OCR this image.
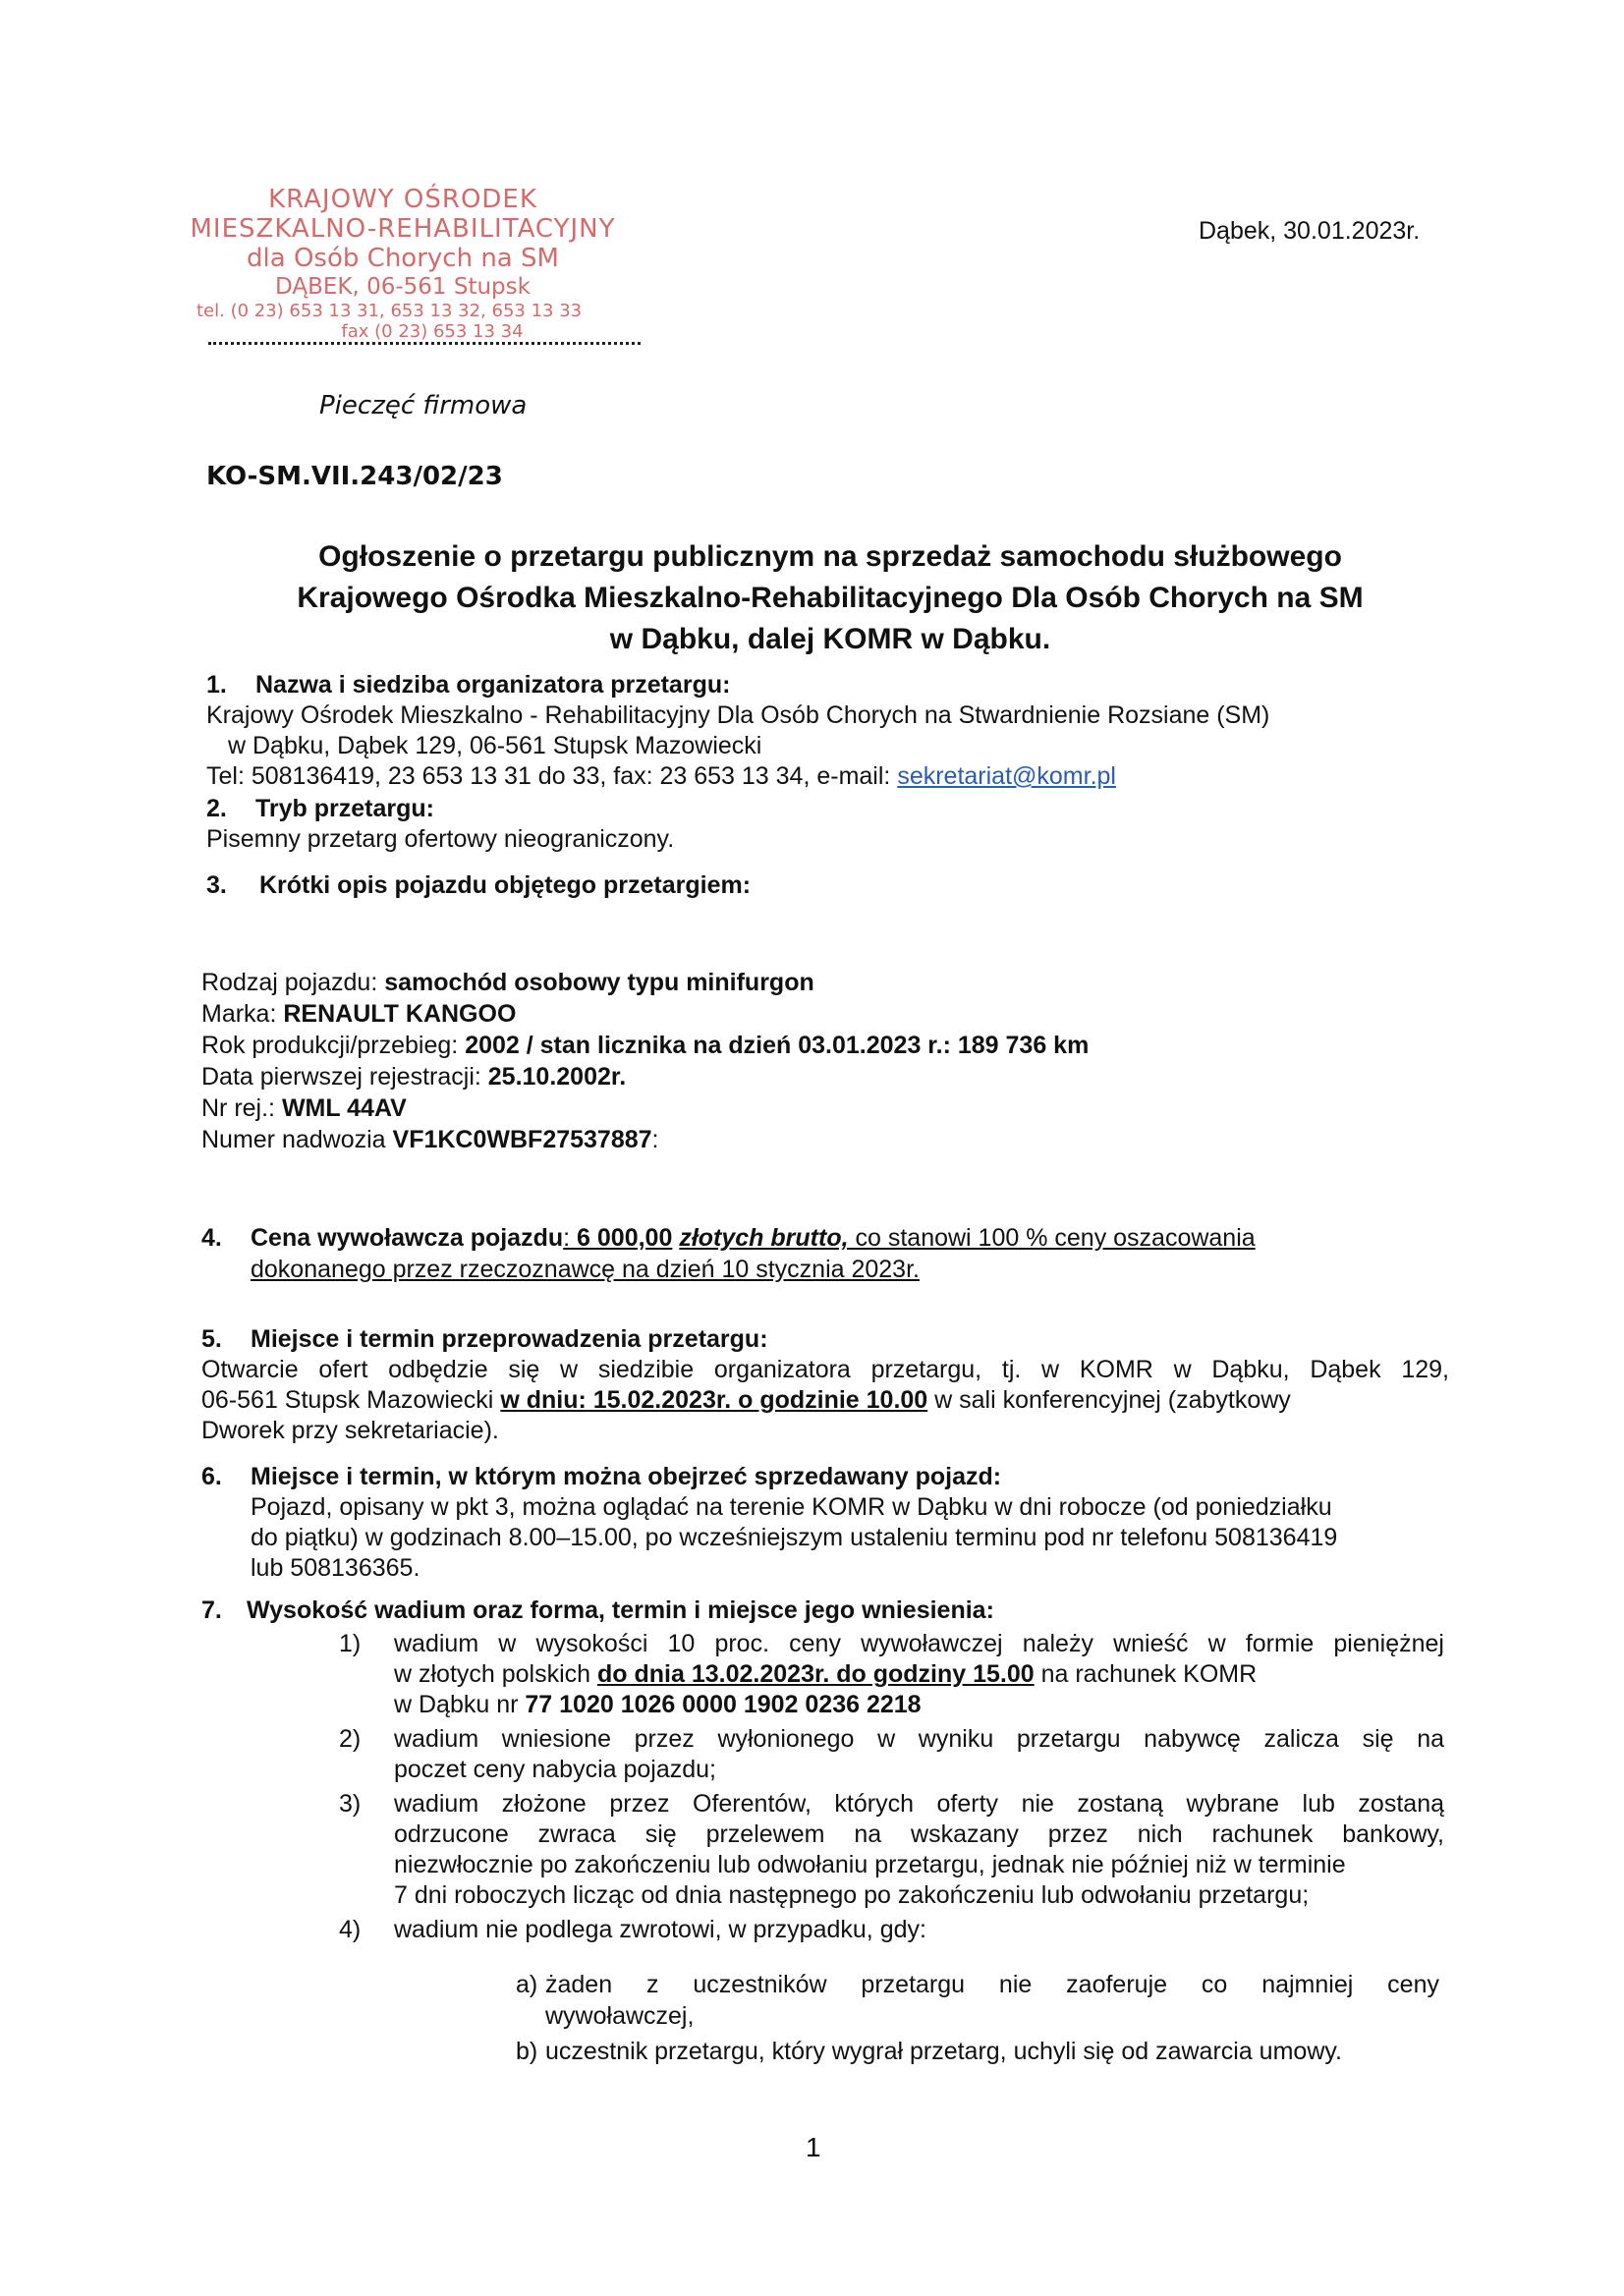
KRAJOWY OŚRODEK
MIESZKALNO-REHABILITACYJNY
dla Osób Chorych na SM
DĄBEK, 06-561 Stupsk
tel. (0 23) 653 13 31, 653 13 32, 653 13 33
fax (0 23) 653 13 34
Pieczęć firmowa
Dąbek, 30.01.2023r.
KO-SM.VII.243/02/23
Ogłoszenie o przetargu publicznym na sprzedaż samochodu służbowego
Krajowego Ośrodka Mieszkalno-Rehabilitacyjnego Dla Osób Chorych na SM
w Dąbku, dalej KOMR w Dąbku.
1. Nazwa i siedziba organizatora przetargu:
Krajowy Ośrodek Mieszkalno - Rehabilitacyjny Dla Osób Chorych na Stwardnienie Rozsiane (SM)
w Dąbku, Dąbek 129, 06-561 Stupsk Mazowiecki
Tel: 508136419, 23 653 13 31 do 33, fax: 23 653 13 34, e-mail: sekretariat@komr.pl
2. Tryb przetargu:
Pisemny przetarg ofertowy nieograniczony.
3. Krótki opis pojazdu objętego przetargiem:
Rodzaj pojazdu: samochód osobowy typu minifurgon
Marka: RENAULT KANGOO
Rok produkcji/przebieg: 2002 / stan licznika na dzień 03.01.2023 r.: 189 736 km
Data pierwszej rejestracji: 25.10.2002r.
Nr rej.: WML 44AV
Numer nadwozia VF1KC0WBF27537887:
4. Cena wywoławcza pojazdu: 6 000,00 złotych brutto, co stanowi 100 % ceny oszacowania
dokonanego przez rzeczoznawcę na dzień 10 stycznia 2023r.
5. Miejsce i termin przeprowadzenia przetargu:
Otwarcie ofert odbędzie się w siedzibie organizatora przetargu, tj. w KOMR w Dąbku, Dąbek 129,
06-561 Stupsk Mazowiecki w dniu: 15.02.2023r. o godzinie 10.00 w sali konferencyjnej (zabytkowy
Dworek przy sekretariacie).
6. Miejsce i termin, w którym można obejrzeć sprzedawany pojazd:
Pojazd, opisany w pkt 3, można oglądać na terenie KOMR w Dąbku w dni robocze (od poniedziałku
do piątku) w godzinach 8.00–15.00, po wcześniejszym ustaleniu terminu pod nr telefonu 508136419
lub 508136365.
7. Wysokość wadium oraz forma, termin i miejsce jego wniesienia:
1) wadium w wysokości 10 proc. ceny wywoławczej należy wnieść w formie pieniężnej
w złotych polskich do dnia 13.02.2023r. do godziny 15.00 na rachunek KOMR
w Dąbku nr 77 1020 1026 0000 1902 0236 2218
2) wadium wniesione przez wyłonionego w wyniku przetargu nabywcę zalicza się na
poczet ceny nabycia pojazdu;
3) wadium złożone przez Oferentów, których oferty nie zostaną wybrane lub zostaną
odrzucone zwraca się przelewem na wskazany przez nich rachunek bankowy,
niezwłocznie po zakończeniu lub odwołaniu przetargu, jednak nie później niż w terminie
7 dni roboczych licząc od dnia następnego po zakończeniu lub odwołaniu przetargu;
4) wadium nie podlega zwrotowi, w przypadku, gdy:
a) żaden z uczestników przetargu nie zaoferuje co najmniej ceny
wywoławczej,
b) uczestnik przetargu, który wygrał przetarg, uchyli się od zawarcia umowy.
1
